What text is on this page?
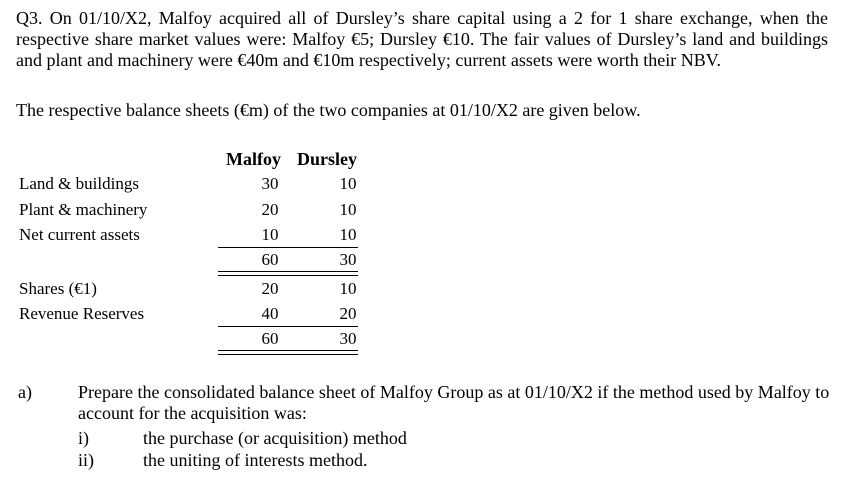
Q3. On 01/10/X2, Malfoy acquired all of Dursley’s share capital using a 2 for 1 share exchange, when the respective share market values were: Malfoy €5; Dursley €10. The fair values of Dursley’s land and buildings and plant and machinery were €40m and €10m respectively; current assets were worth their NBV.
The respective balance sheets (€m) of the two companies at 01/10/X2 are given below.
Malfoy Dursley
Land & buildings	30	10
Plant & machinery	20	10
Net current assets	10	10
60	30
Shares (€1)	20	10
Revenue Reserves	40	20
60	30
a)	Prepare the consolidated balance sheet of Malfoy Group as at 01/10/X2 if the method used by Malfoy to account for the acquisition was:
i)	the purchase (or acquisition) method
ii)	the uniting of interests method.
